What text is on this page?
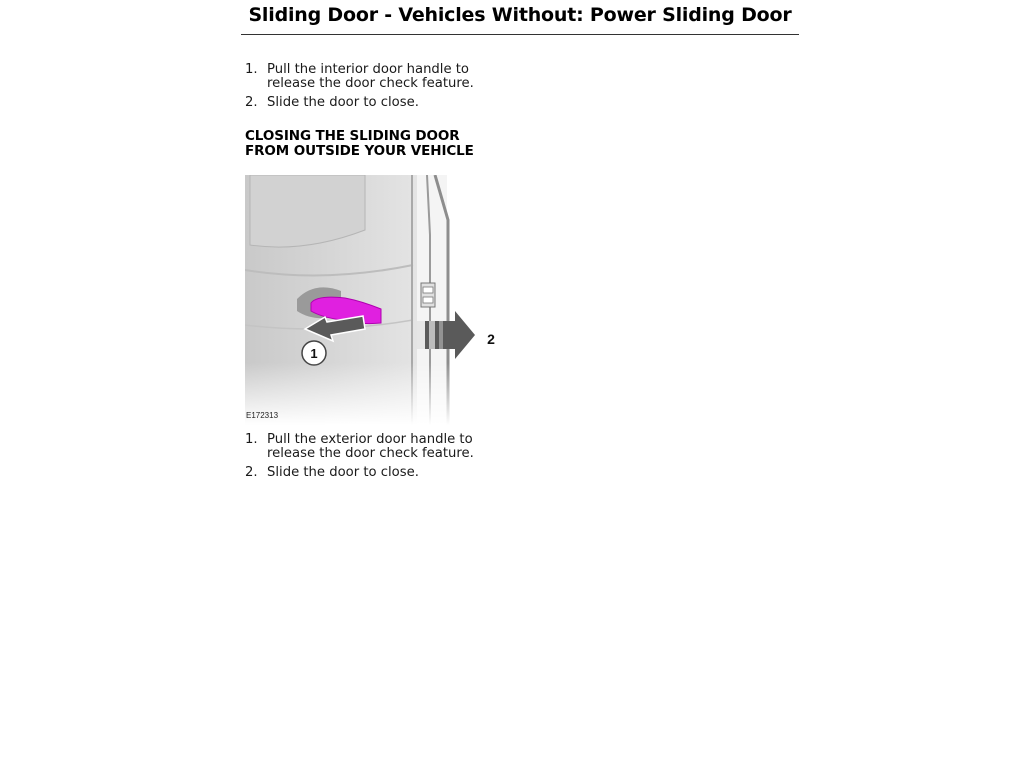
Sliding Door - Vehicles Without: Power Sliding Door
1. Pull the interior door handle to release the door check feature.
2. Slide the door to close.
CLOSING THE SLIDING DOOR
FROM OUTSIDE YOUR VEHICLE
E172313
1. Pull the exterior door handle to release the door check feature.
2. Slide the door to close.
